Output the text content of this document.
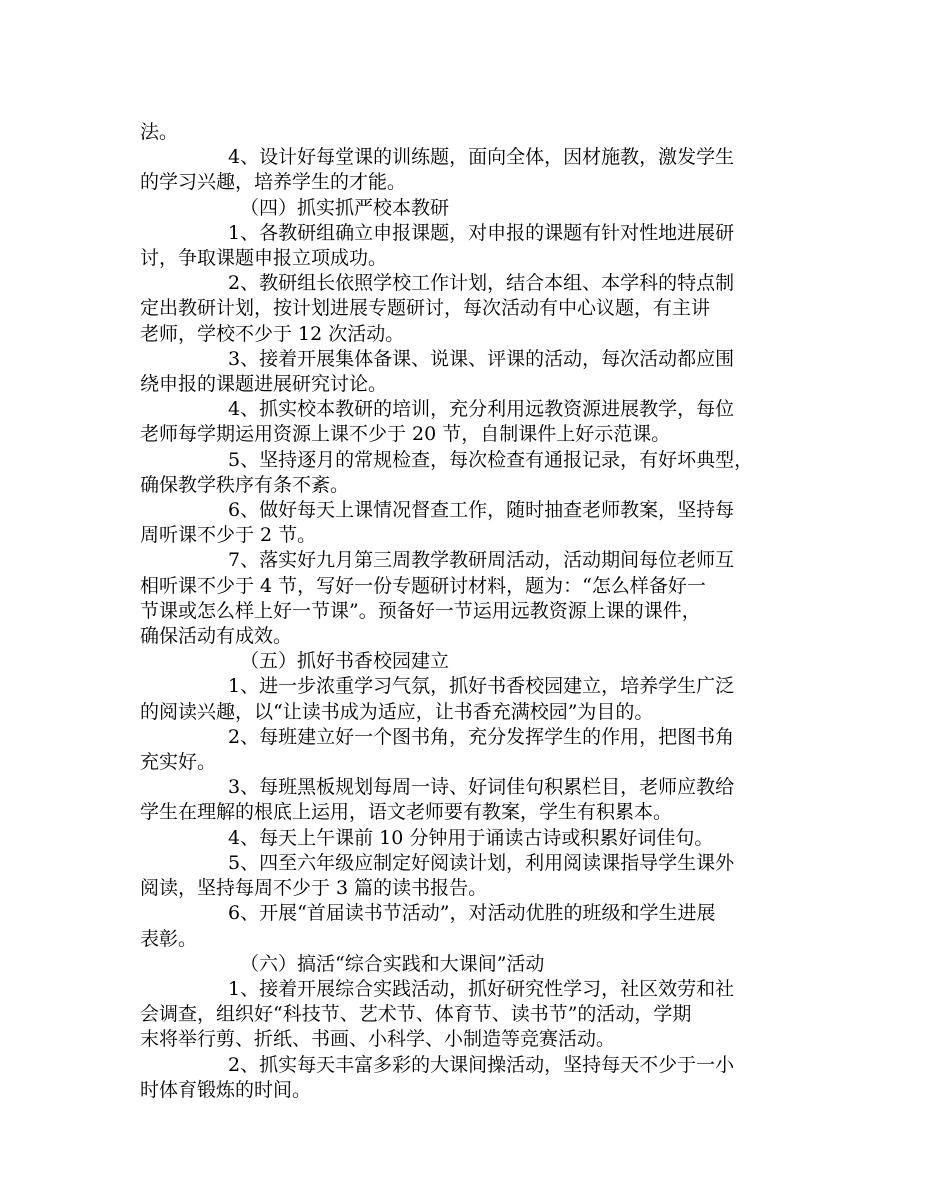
法。

4、设计好每堂课的训练题，面向全体，因材施教，激发学生

的学习兴趣，培养学生的才能。

（四）抓实抓严校本教研

1、各教研组确立申报课题，对申报的课题有针对性地进展研

讨，争取课题申报立项成功。

2、教研组长依照学校工作计划，结合本组、本学科的特点制

定出教研计划，按计划进展专题研讨，每次活动有中心议题，有主讲

老师，学校不少于 12 次活动。

3、接着开展集体备课、说课、评课的活动，每次活动都应围

绕申报的课题进展研究讨论。

4、抓实校本教研的培训，充分利用远教资源进展教学，每位

老师每学期运用资源上课不少于 20 节，自制课件上好示范课。

5、坚持逐月的常规检查，每次检查有通报记录，有好坏典型，

确保教学秩序有条不紊。

6、做好每天上课情况督查工作，随时抽查老师教案，坚持每

周听课不少于 2 节。

7、落实好九月第三周教学教研周活动，活动期间每位老师互

相听课不少于 4 节，写好一份专题研讨材料，题为：“怎么样备好一

节课或怎么样上好一节课”。预备好一节运用远教资源上课的课件，

确保活动有成效。

（五）抓好书香校园建立

1、进一步浓重学习气氛，抓好书香校园建立，培养学生广泛

的阅读兴趣，以“让读书成为适应，让书香充满校园”为目的。

2、每班建立好一个图书角，充分发挥学生的作用，把图书角

充实好。

3、每班黑板规划每周一诗、好词佳句积累栏目，老师应教给

学生在理解的根底上运用，语文老师要有教案，学生有积累本。

4、每天上午课前 10 分钟用于诵读古诗或积累好词佳句。

5、四至六年级应制定好阅读计划，利用阅读课指导学生课外

阅读，坚持每周不少于 3 篇的读书报告。

6、开展“首届读书节活动”，对活动优胜的班级和学生进展

表彰。

（六）搞活“综合实践和大课间”活动

1、接着开展综合实践活动，抓好研究性学习，社区效劳和社

会调查，组织好“科技节、艺术节、体育节、读书节”的活动，学期

末将举行剪、折纸、书画、小科学、小制造等竞赛活动。

2、抓实每天丰富多彩的大课间操活动，坚持每天不少于一小

时体育锻炼的时间。
